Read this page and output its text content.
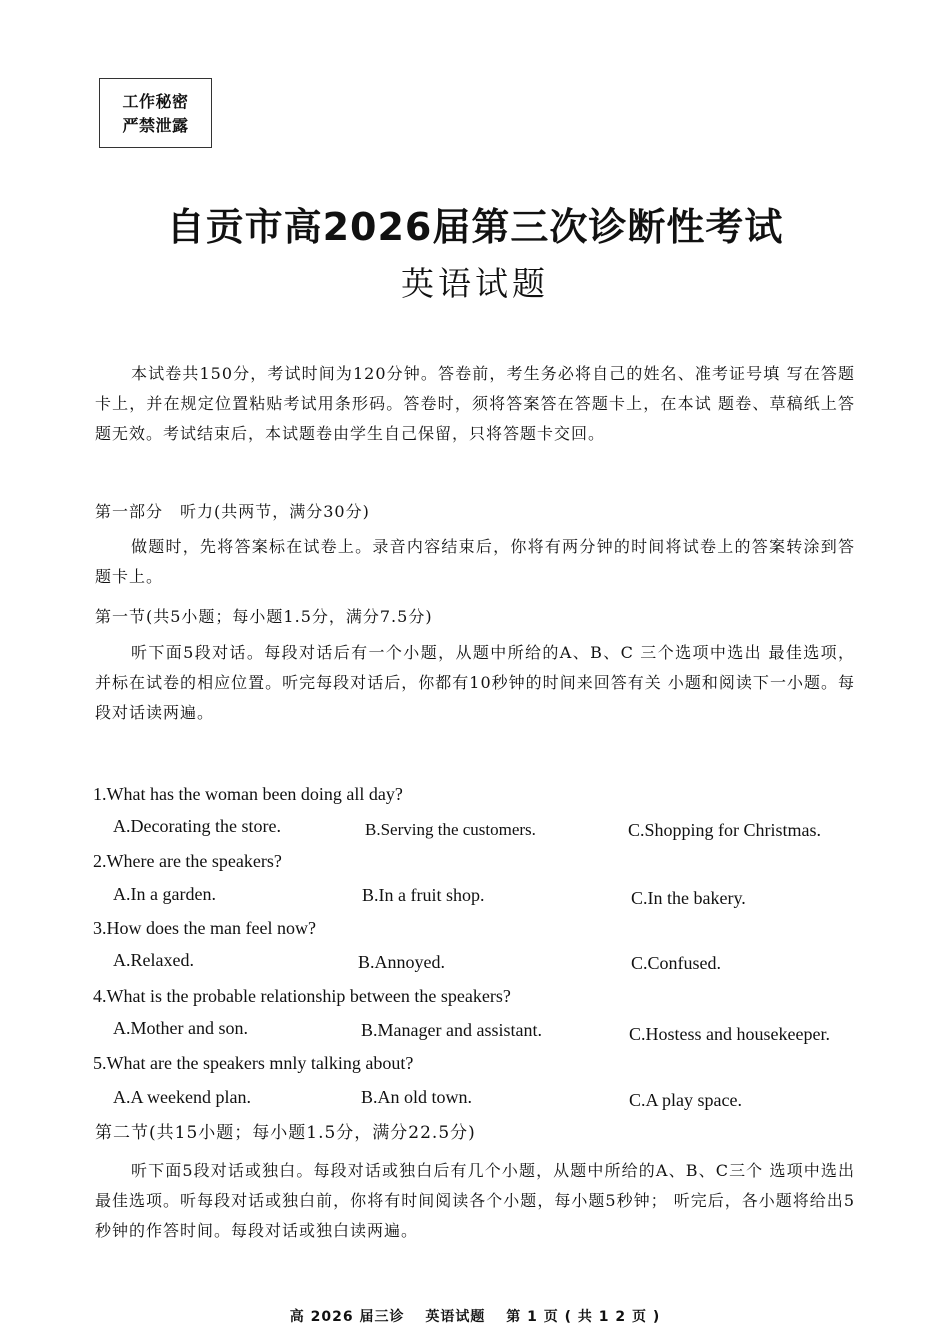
工作秘密
严禁泄露
自贡市高2026届第三次诊断性考试
英语试题
本试卷共150分，考试时间为120分钟。答卷前，考生务必将自己的姓名、准考证号填 写在答题卡上，并在规定位置粘贴考试用条形码。答卷时，须将答案答在答题卡上，在本试 题卷、草稿纸上答题无效。考试结束后，本试题卷由学生自己保留，只将答题卡交回。
第一部分　听力(共两节，满分30分)
做题时，先将答案标在试卷上。录音内容结束后，你将有两分钟的时间将试卷上的答案转涂到答题卡上。
第一节(共5小题；每小题1.5分，满分7.5分)
听下面5段对话。每段对话后有一个小题，从题中所给的A、B、C 三个选项中选出 最佳选项，并标在试卷的相应位置。听完每段对话后，你都有10秒钟的时间来回答有关 小题和阅读下一小题。每段对话读两遍。
1.What has the woman been doing all day?
A.Decorating the store.	B.Serving the customers.	C.Shopping for Christmas.
2.Where are the speakers?
A.In a garden.	B.In a fruit shop.	C.In the bakery.
3.How does the man feel now?
A.Relaxed.	B.Annoyed.	C.Confused.
4.What is the probable relationship between the speakers?
A.Mother and son.	B.Manager and assistant.	C.Hostess and housekeeper.
5.What are the speakers mnly talking about?
A.A weekend plan.	B.An old town.	C.A play space.
第二节(共15小题；每小题1.5分，满分22.5分)
听下面5段对话或独白。每段对话或独白后有几个小题，从题中所给的A、B、C三个 选项中选出最佳选项。听每段对话或独白前，你将有时间阅读各个小题，每小题5秒钟； 听完后，各小题将给出5秒钟的作答时间。每段对话或独白读两遍。
高 2026 届三诊　 英语试题　 第 1 页 ( 共 1 2 页 )
